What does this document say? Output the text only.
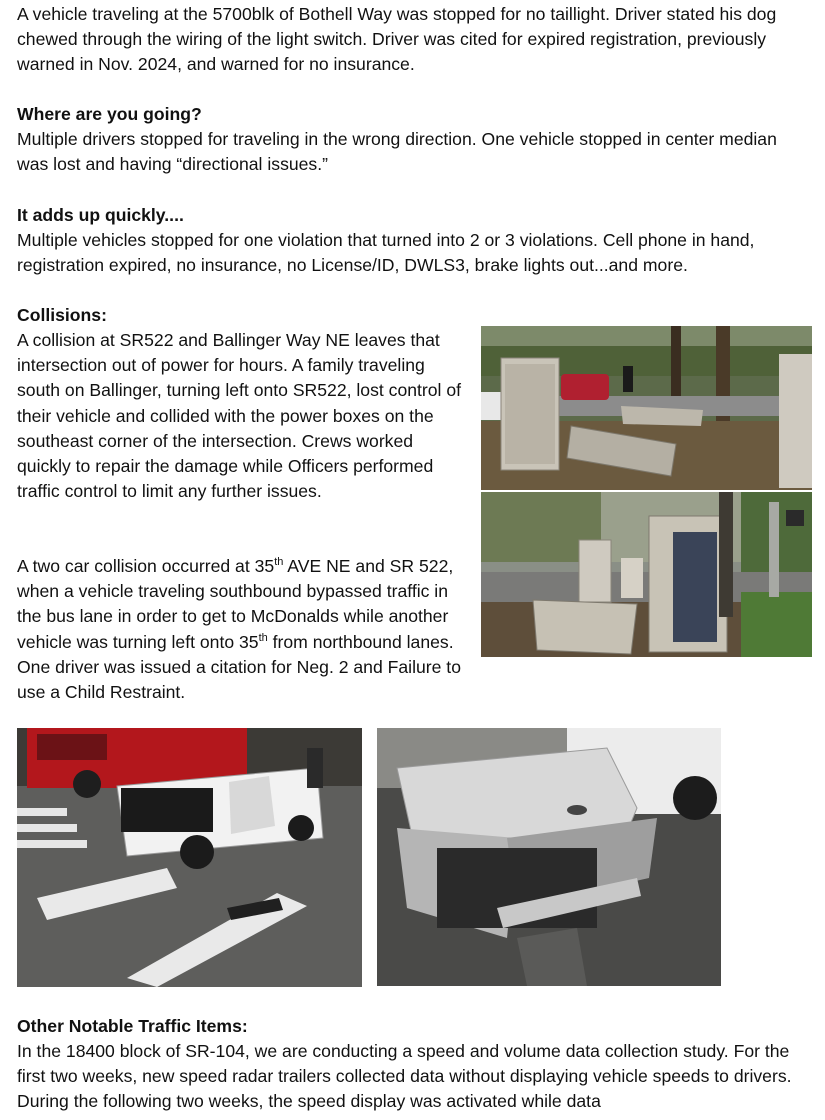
A vehicle traveling at the 5700blk of Bothell Way was stopped for no taillight. Driver stated his dog chewed through the wiring of the light switch. Driver was cited for expired registration, previously warned in Nov. 2024, and warned for no insurance.

Where are you going?

Multiple drivers stopped for traveling in the wrong direction. One vehicle stopped in center median was lost and having “directional issues.”

It adds up quickly....

Multiple vehicles stopped for one violation that turned into 2 or 3 violations. Cell phone in hand, registration expired, no insurance, no License/ID, DWLS3, brake lights out...and more.

Collisions:

A collision at SR522 and Ballinger Way NE leaves that intersection out of power for hours. A family traveling south on Ballinger, turning left onto SR522, lost control of their vehicle and collided with the power boxes on the southeast corner of the intersection. Crews worked quickly to repair the damage while Officers performed traffic control to limit any further issues.

A two car collision occurred at 35th AVE NE and SR 522, when a vehicle traveling southbound bypassed traffic in the bus lane in order to get to McDonalds while another vehicle was turning left onto 35th from northbound lanes. One driver was issued a citation for Neg. 2 and Failure to use a Child Restraint.

Other Notable Traffic Items:

In the 18400 block of SR-104, we are conducting a speed and volume data collection study. For the first two weeks, new speed radar trailers collected data without displaying vehicle speeds to drivers. During the following two weeks, the speed display was activated while data
